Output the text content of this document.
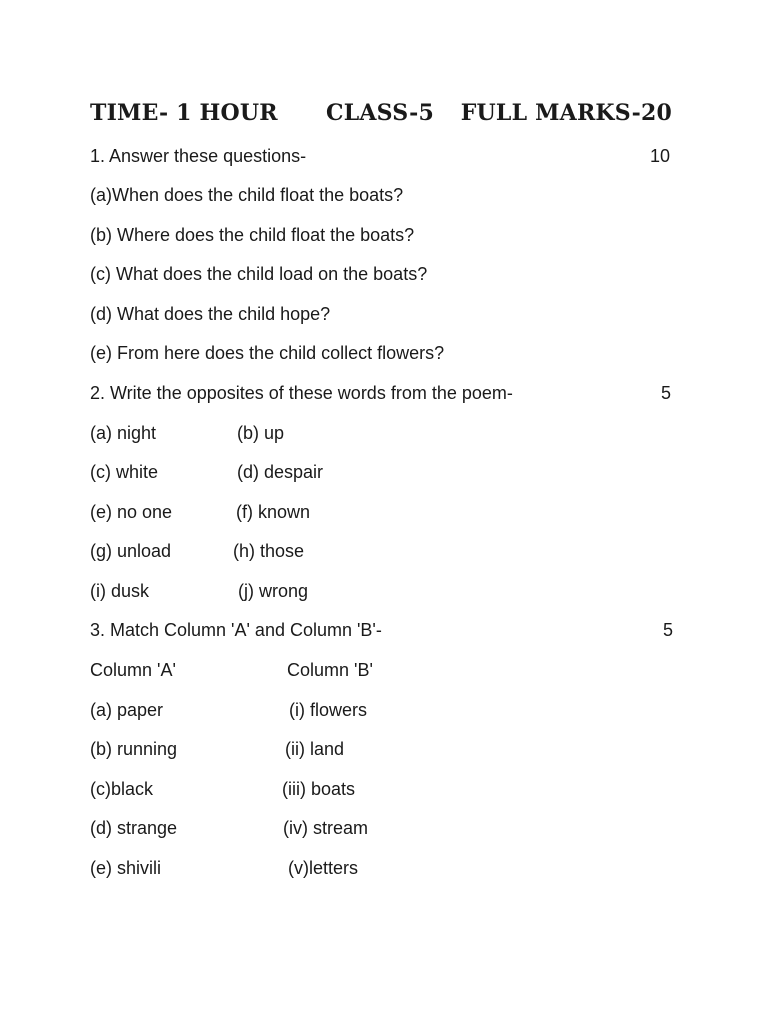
TIME- 1 HOUR CLASS-5 FULL MARKS-20
1. Answer these questions-	10
(a)When does the child float the boats?
(b) Where does the child float the boats?
(c) What does the child load on the boats?
(d) What does the child hope?
(e) From here does the child collect flowers?
2. Write the opposites of these words from the poem-	5
(a) night	(b) up
(c) white	(d) despair
(e) no one	(f) known
(g) unload	(h) those
(i) dusk	(j) wrong
3. Match Column 'A' and Column 'B'-	5
Column 'A'	Column 'B'
(a) paper	(i) flowers
(b) running	(ii) land
(c)black	(iii) boats
(d) strange	(iv) stream
(e) shivili	(v)letters
